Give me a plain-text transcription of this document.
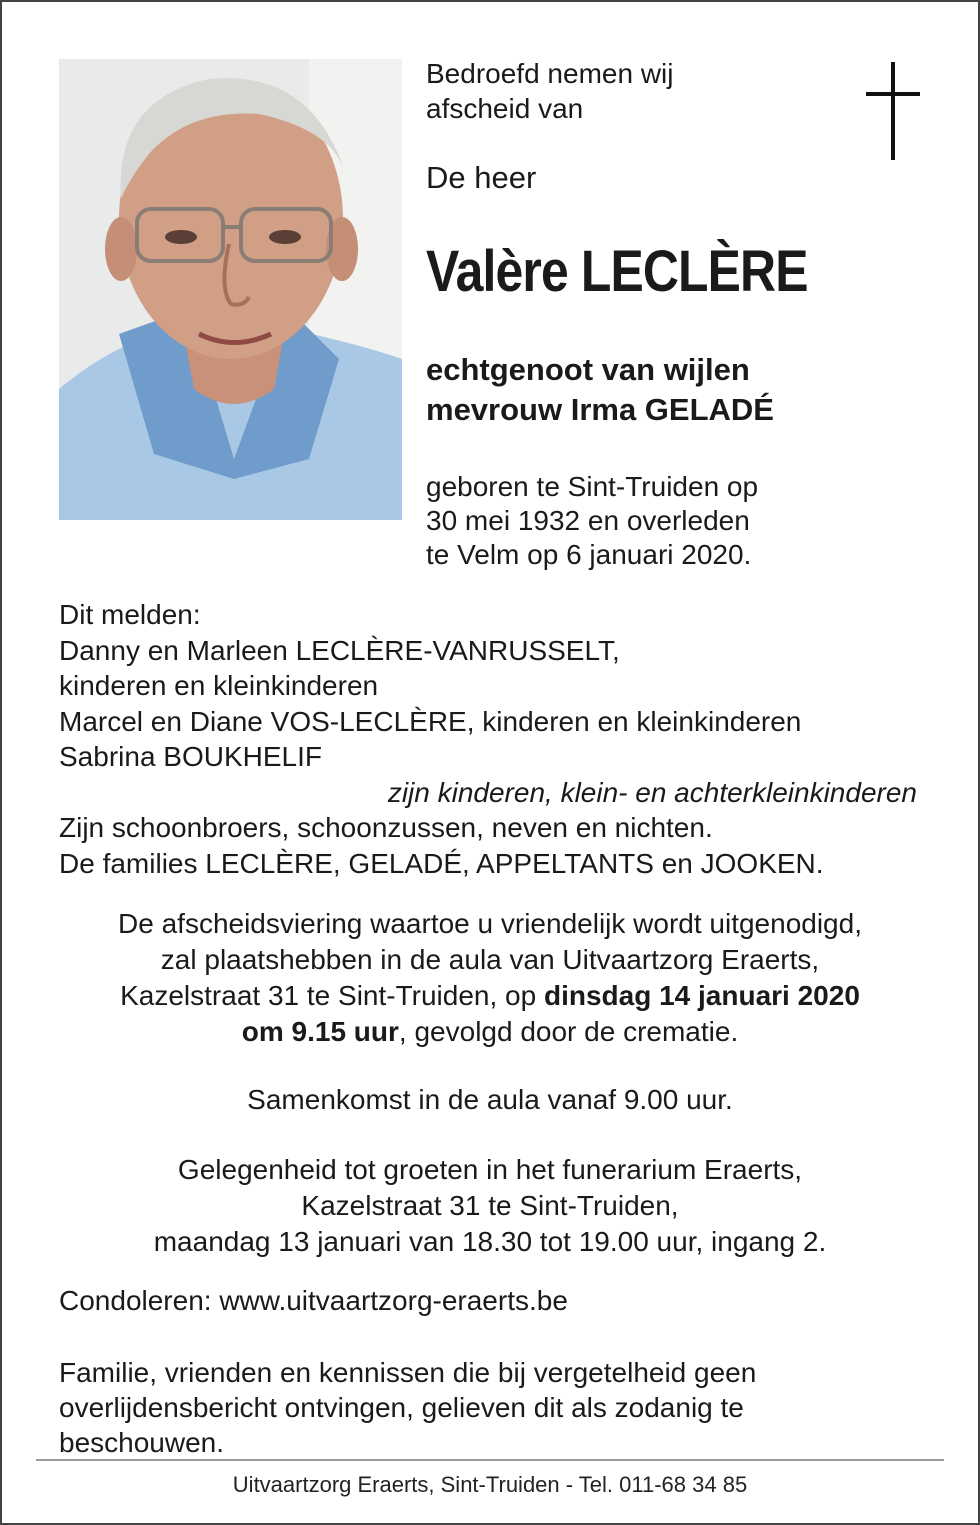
Bedroefd nemen wij
afscheid van
De heer
Valère LECLÈRE
echtgenoot van wijlen
mevrouw Irma GELADÉ
geboren te Sint-Truiden op
30 mei 1932 en overleden
te Velm op 6 januari 2020.
Dit melden:
Danny en Marleen LECLÈRE-VANRUSSELT,
kinderen en kleinkinderen
Marcel en Diane VOS-LECLÈRE, kinderen en kleinkinderen
Sabrina BOUKHELIF
zijn kinderen, klein- en achterkleinkinderen
Zijn schoonbroers, schoonzussen, neven en nichten.
De families LECLÈRE, GELADÉ, APPELTANTS en JOOKEN.
De afscheidsviering waartoe u vriendelijk wordt uitgenodigd,
zal plaatshebben in de aula van Uitvaartzorg Eraerts,
Kazelstraat 31 te Sint-Truiden, op dinsdag 14 januari 2020
om 9.15 uur, gevolgd door de crematie.
Samenkomst in de aula vanaf 9.00 uur.
Gelegenheid tot groeten in het funerarium Eraerts,
Kazelstraat 31 te Sint-Truiden,
maandag 13 januari van 18.30 tot 19.00 uur, ingang 2.
Condoleren: www.uitvaartzorg-eraerts.be
Familie, vrienden en kennissen die bij vergetelheid geen
overlijdensbericht ontvingen, gelieven dit als zodanig te
beschouwen.
Uitvaartzorg Eraerts, Sint-Truiden - Tel. 011-68 34 85
